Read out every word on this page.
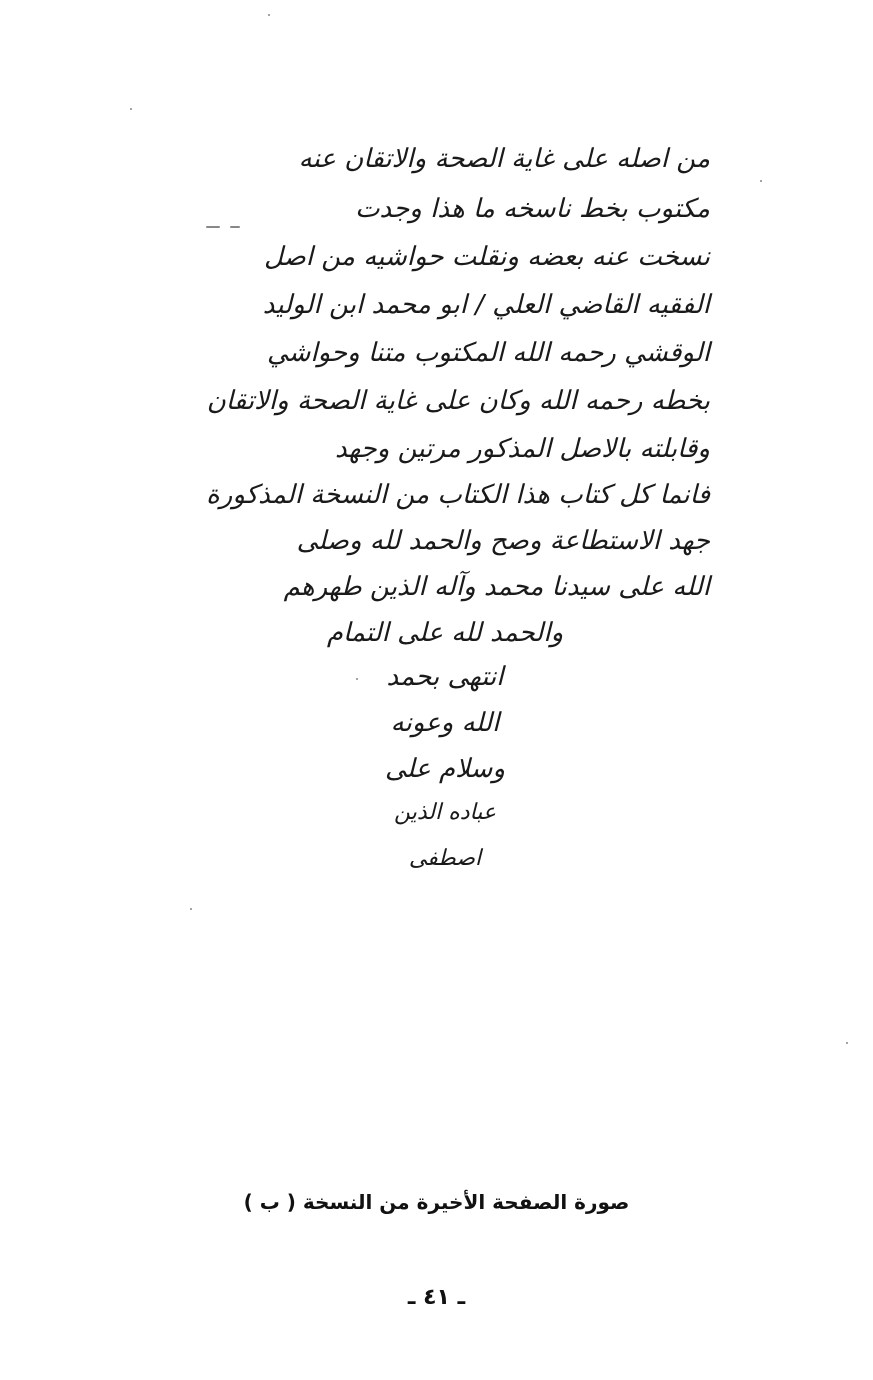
من اصله على غاية الصحة والاتقان عنه
مكتوب بخط ناسخه ما هذا وجدت
نسخت عنه بعضه ونقلت حواشيه من اصل
الفقيه القاضي العلي / ابو محمد ابن الوليد
الوقشي رحمه الله المكتوب متنا وحواشي
بخطه رحمه الله وكان على غاية الصحة والاتقان
وقابلته بالاصل المذكور مرتين وجهد
فانما كل كتاب هذا الكتاب من النسخة المذكورة
جهد الاستطاعة وصح والحمد لله وصلى
الله على سيدنا محمد وآله الذين طهرهم
والحمد لله على التمام
انتهى بحمد
الله وعونه
وسلام على
عباده الذين
اصطفى
صورة الصفحة الأخيرة من النسخة ( ب )
ـ ٤١ ـ
